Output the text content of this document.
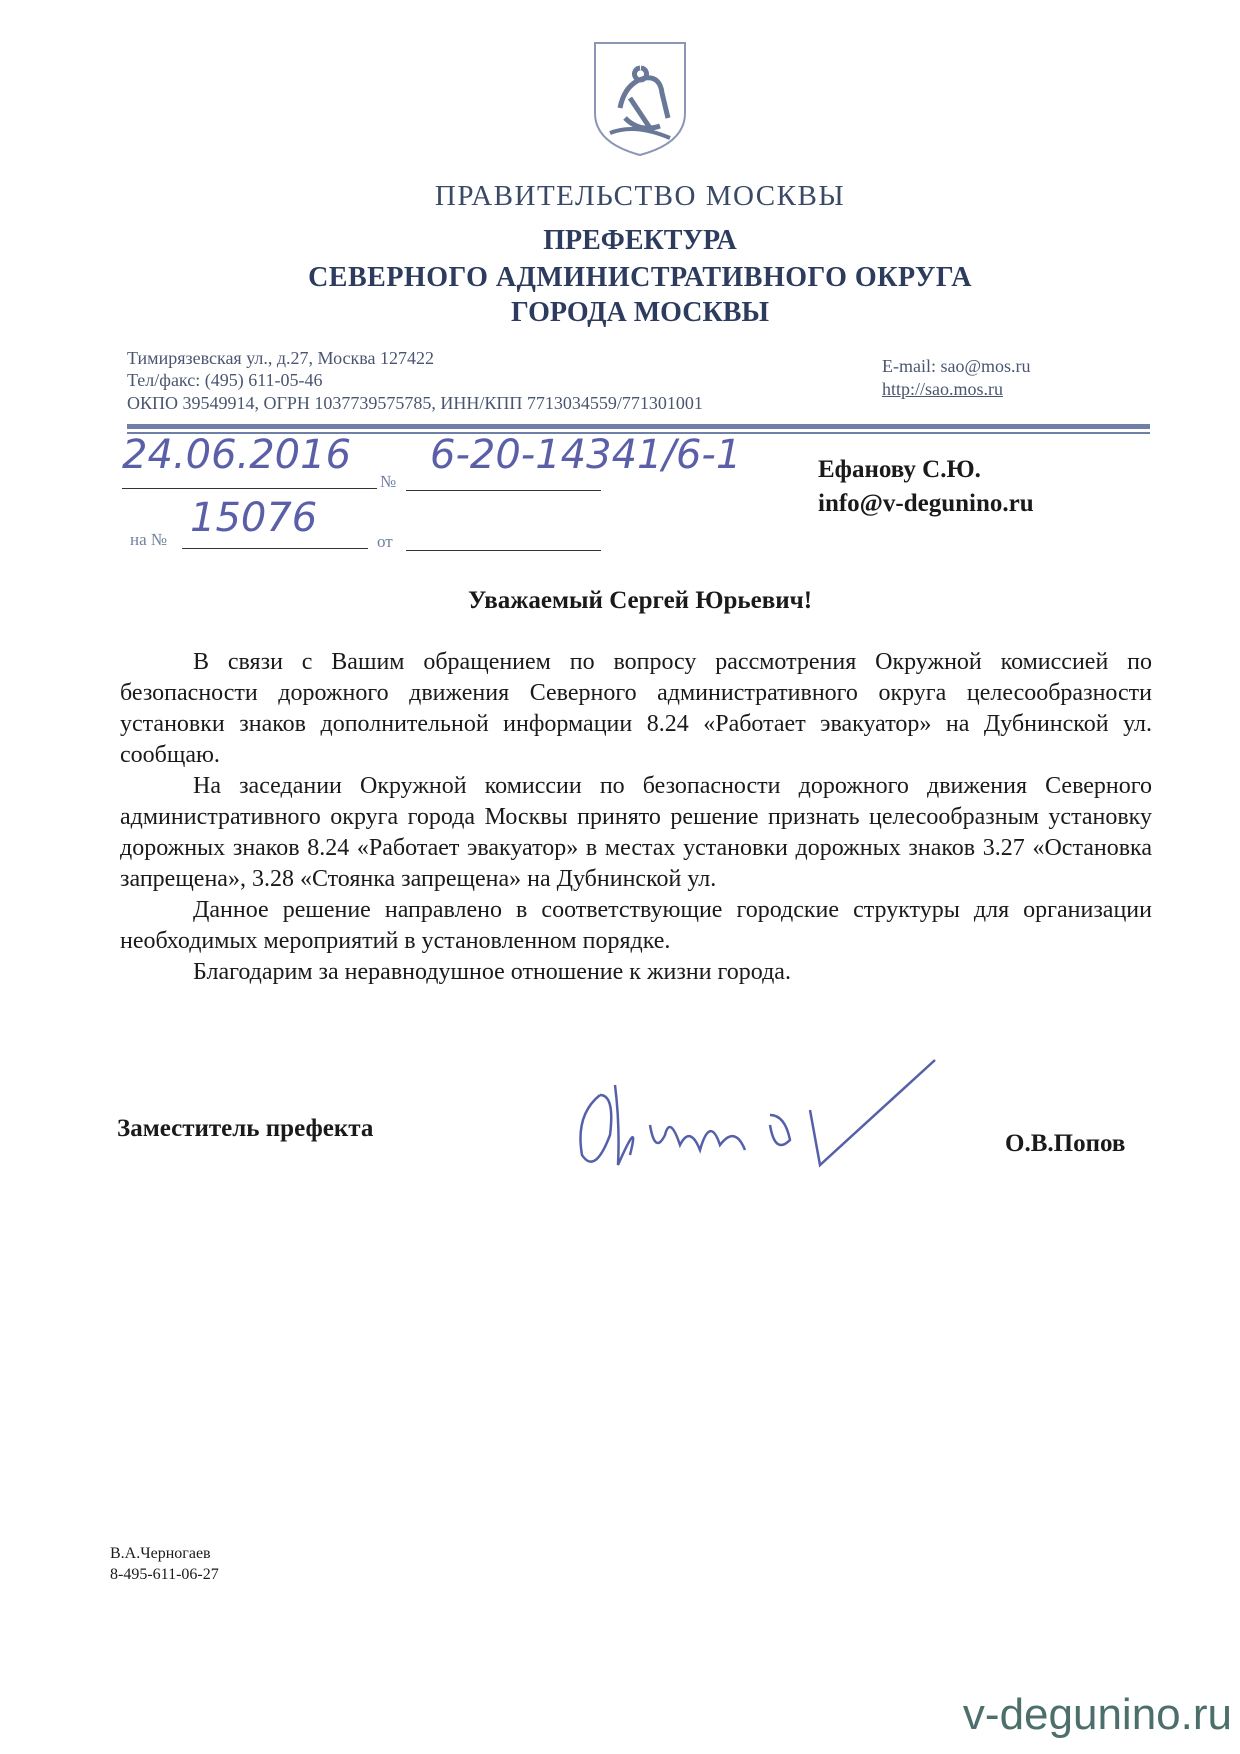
ПРАВИТЕЛЬСТВО МОСКВЫ
ПРЕФЕКТУРА
СЕВЕРНОГО АДМИНИСТРАТИВНОГО ОКРУГА
ГОРОДА МОСКВЫ
Тимирязевская ул., д.27, Москва 127422
Тел/факс: (495) 611-05-46
ОКПО 39549914, ОГРН 1037739575785, ИНН/КПП 7713034559/771301001
E-mail: sao@mos.ru
http://sao.mos.ru
24.06.2016
№
6-20-14341/6-1
на № 15076
от
Ефанову С.Ю.
info@v-degunino.ru
Уважаемый Сергей Юрьевич!

В связи с Вашим обращением по вопросу рассмотрения Окружной комиссией по безопасности дорожного движения Северного административного округа целесообразности установки знаков дополнительной информации 8.24 «Работает эвакуатор» на Дубнинской ул. сообщаю.

На заседании Окружной комиссии по безопасности дорожного движения Северного административного округа города Москвы принято решение признать целесообразным установку дорожных знаков 8.24 «Работает эвакуатор» в местах установки дорожных знаков 3.27 «Остановка запрещена», 3.28 «Стоянка запрещена» на Дубнинской ул.

Данное решение направлено в соответствующие городские структуры для организации необходимых мероприятий в установленном порядке.

Благодарим за неравнодушное отношение к жизни города.

Заместитель префекта
О.В.Попов
В.А.Черногаев
8-495-611-06-27
v-degunino.ru
